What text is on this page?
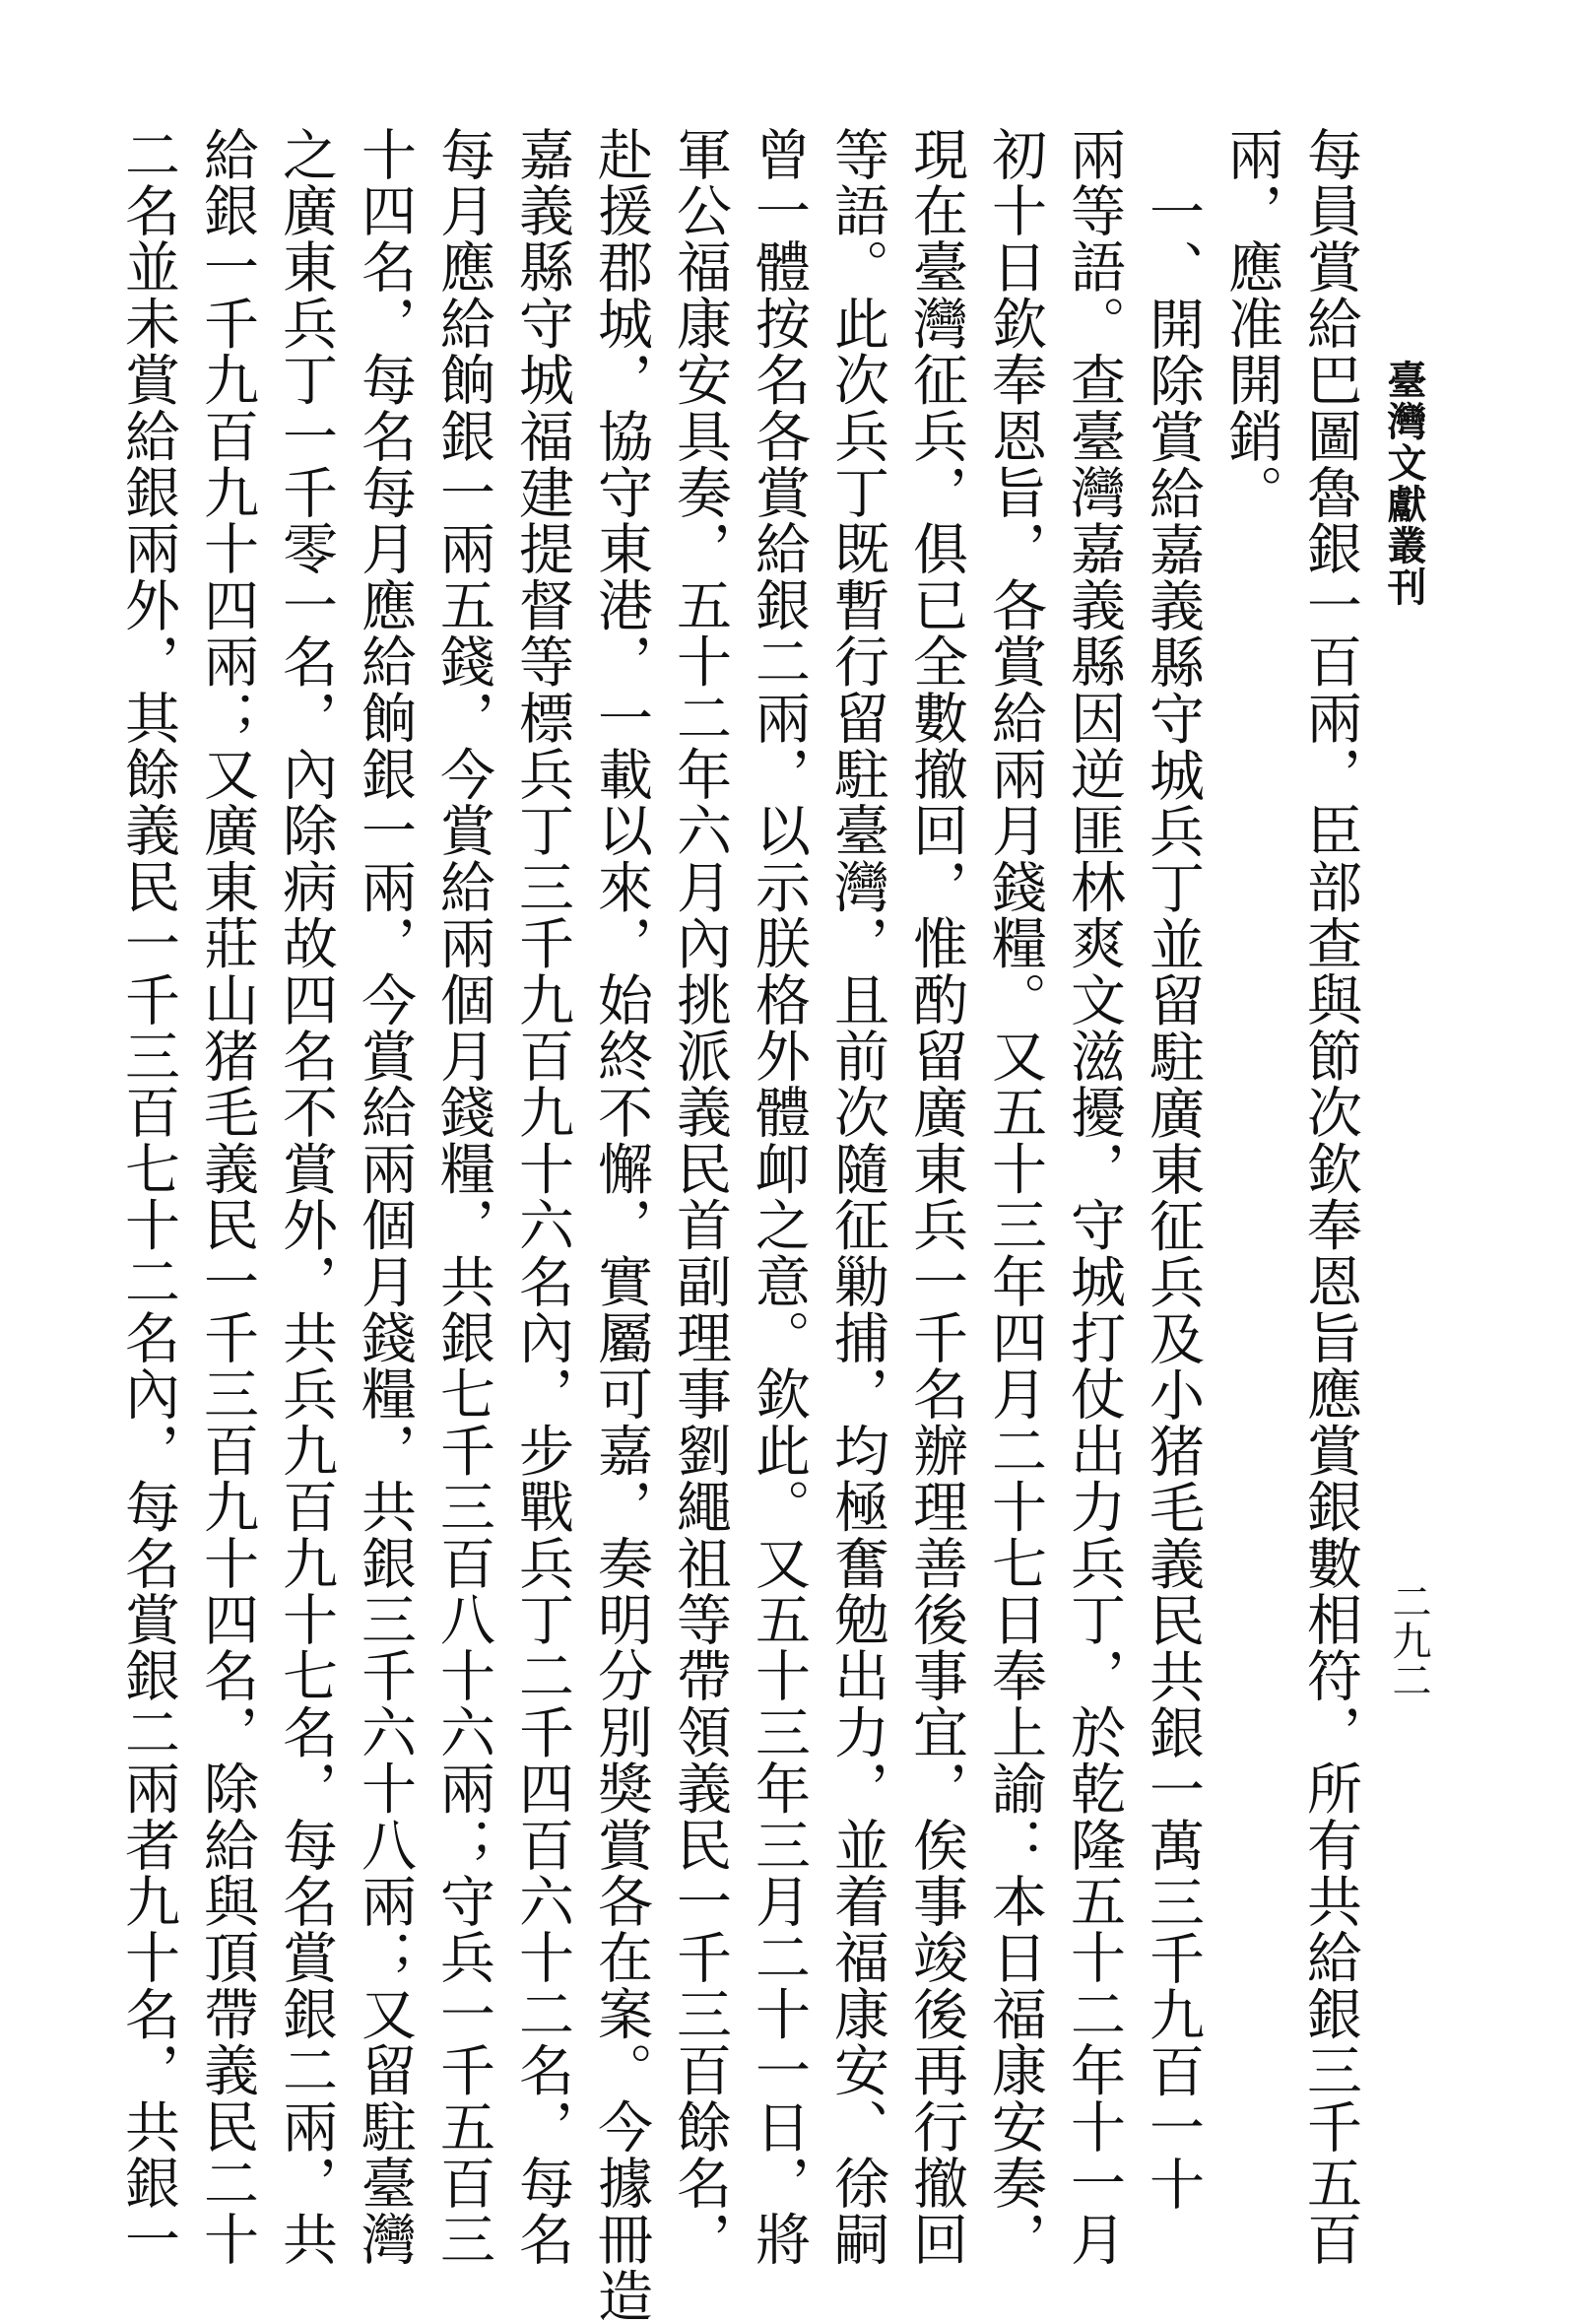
臺灣文獻叢刊
二九二
每員賞給巴圖魯銀一百兩，臣部查與節次欽奉恩旨應賞銀數相符，所有共給銀三千五百
兩，應准開銷。
一、開除賞給嘉義縣守城兵丁並留駐廣東征兵及小猪毛義民共銀一萬三千九百一十
兩等語。查臺灣嘉義縣因逆匪林爽文滋擾，守城打仗出力兵丁，於乾隆五十二年十一月
初十日欽奉恩旨，各賞給兩月錢糧。又五十三年四月二十七日奉上諭：本日福康安奏，
現在臺灣征兵，俱已全數撤回，惟酌留廣東兵一千名辦理善後事宜，俟事竣後再行撤回
等語。此次兵丁既暫行留駐臺灣，且前次隨征勦捕，均極奮勉出力，並着福康安、徐嗣
曾一體按名各賞給銀二兩，以示朕格外體卹之意。欽此。又五十三年三月二十一日，將
軍公福康安具奏，五十二年六月內挑派義民首副理事劉繩祖等帶領義民一千三百餘名，
赴援郡城，協守東港，一載以來，始終不懈，實屬可嘉，奏明分別獎賞各在案。今據冊造
嘉義縣守城福建提督等標兵丁三千九百九十六名內，步戰兵丁二千四百六十二名，每名
每月應給餉銀一兩五錢，今賞給兩個月錢糧，共銀七千三百八十六兩；守兵一千五百三
十四名，每名每月應給餉銀一兩，今賞給兩個月錢糧，共銀三千六十八兩；又留駐臺灣
之廣東兵丁一千零一名，內除病故四名不賞外，共兵九百九十七名，每名賞銀二兩，共
給銀一千九百九十四兩；又廣東莊山猪毛義民一千三百九十四名，除給與頂帶義民二十
二名並未賞給銀兩外，其餘義民一千三百七十二名內，每名賞銀二兩者九十名，共銀一
